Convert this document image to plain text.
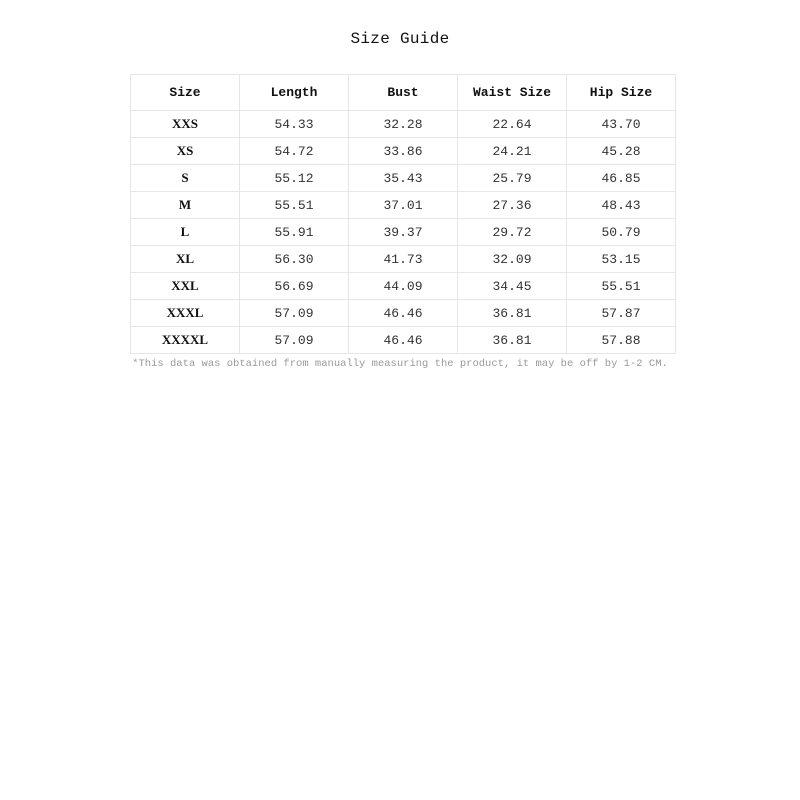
Size Guide
Size	Length	Bust	Waist Size	Hip Size
XXS	54.33	32.28	22.64	43.70
XS	54.72	33.86	24.21	45.28
S	55.12	35.43	25.79	46.85
M	55.51	37.01	27.36	48.43
L	55.91	39.37	29.72	50.79
XL	56.30	41.73	32.09	53.15
XXL	56.69	44.09	34.45	55.51
XXXL	57.09	46.46	36.81	57.87
XXXXL	57.09	46.46	36.81	57.88
*This data was obtained from manually measuring the product, it may be off by 1-2 CM.
